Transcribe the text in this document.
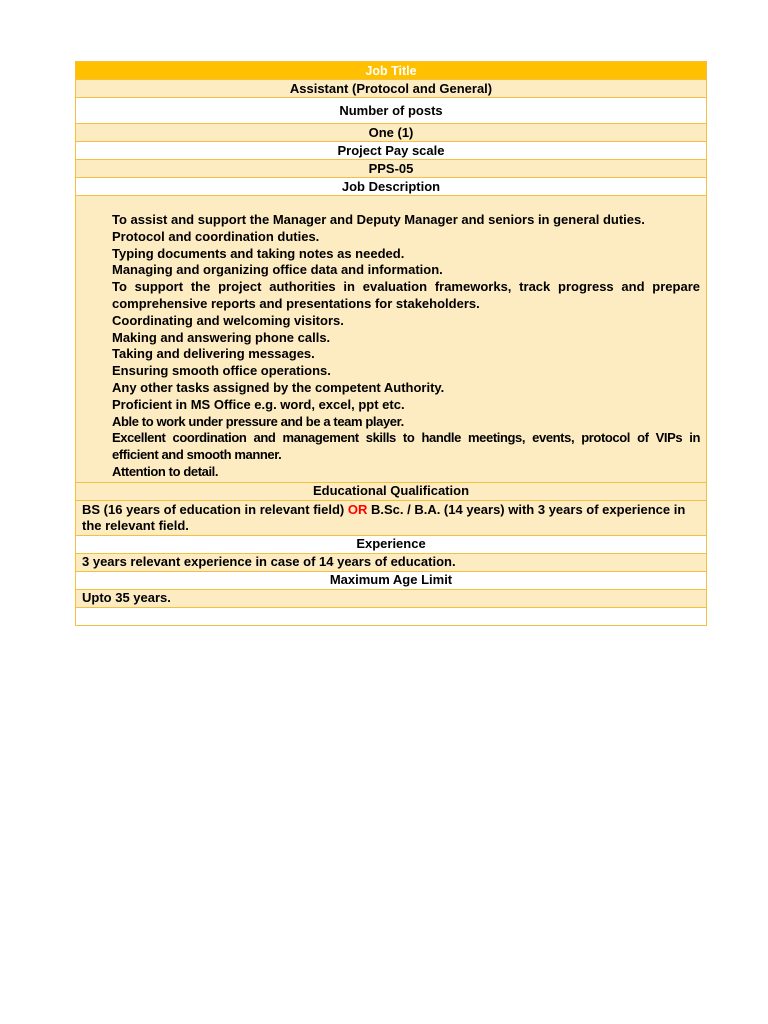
Job Title
Assistant (Protocol and General)
Number of posts
One (1)
Project Pay scale
PPS-05
Job Description

To assist and support the Manager and Deputy Manager and seniors in general duties.

Protocol and coordination duties.

Typing documents and taking notes as needed.

Managing and organizing office data and information.

To support the project authorities in evaluation frameworks, track progress and prepare comprehensive reports and presentations for stakeholders.

Coordinating and welcoming visitors.

Making and answering phone calls.

Taking and delivering messages.

Ensuring smooth office operations.

Any other tasks assigned by the competent Authority.

Proficient in MS Office e.g. word, excel, ppt etc.

Able to work under pressure and be a team player.

Excellent coordination and management skills to handle meetings, events, protocol of VIPs in efficient and smooth manner.

Attention to detail.

Educational Qualification
BS (16 years of education in relevant field) OR B.Sc. / B.A. (14 years) with 3 years of experience in the relevant field.
Experience
3 years relevant experience in case of 14 years of education.
Maximum Age Limit
Upto 35 years.
